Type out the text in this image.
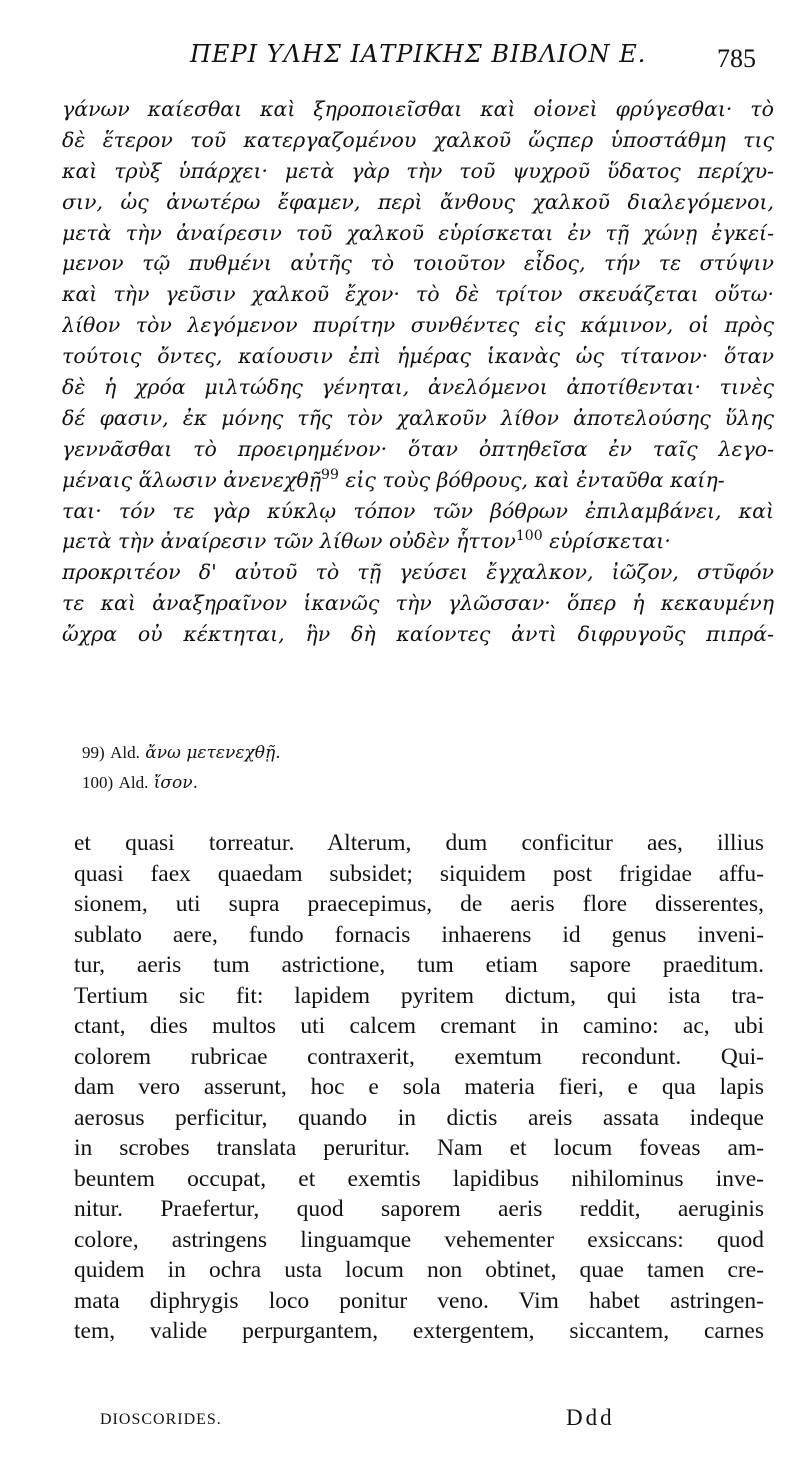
ΠΕΡΙ ΥΛΗΣ ΙΑΤΡΙΚΗΣ ΒΙΒΛΙΟΝ Ε.	785
γάνων καίεσθαι καὶ ξηροποιεῖσθαι καὶ οἱονεὶ φρύγεσθαι· τὸ
δὲ ἕτερον τοῦ κατεργαζομένου χαλκοῦ ὥςπερ ὑποστάθμη τις
καὶ τρὺξ ὑπάρχει· μετὰ γὰρ τὴν τοῦ ψυχροῦ ὕδατος περίχυ-
σιν, ὡς ἀνωτέρω ἔφαμεν, περὶ ἄνθους χαλκοῦ διαλεγόμενοι,
μετὰ τὴν ἀναίρεσιν τοῦ χαλκοῦ εὑρίσκεται ἐν τῇ χώνῃ ἐγκεί-
μενον τῷ πυθμένι αὐτῆς τὸ τοιοῦτον εἶδος, τήν τε στύψιν
καὶ τὴν γεῦσιν χαλκοῦ ἔχον· τὸ δὲ τρίτον σκευάζεται οὕτω·
λίθον τὸν λεγόμενον πυρίτην συνθέντες εἰς κάμινον, οἱ πρὸς
τούτοις ὄντες, καίουσιν ἐπὶ ἡμέρας ἱκανὰς ὡς τίτανον· ὅταν
δὲ ἡ χρόα μιλτώδης γένηται, ἀνελόμενοι ἀποτίθενται· τινὲς
δέ φασιν, ἐκ μόνης τῆς τὸν χαλκοῦν λίθον ἀποτελούσης ὕλης
γεννᾶσθαι τὸ προειρημένον· ὅταν ὀπτηθεῖσα ἐν ταῖς λεγο-
μέναις ἅλωσιν ἀνενεχθῇ$^{99}$ εἰς τοὺς βόθρους, καὶ ἐνταῦθα καίη-
ται· τόν τε γὰρ κύκλῳ τόπον τῶν βόθρων ἐπιλαμβάνει, καὶ
μετὰ τὴν ἀναίρεσιν τῶν λίθων οὐδὲν ἧττον$^{100}$ εὑρίσκεται·
προκριτέον δ' αὐτοῦ τὸ τῇ γεύσει ἔγχαλκον, ἰῶζον, στῦφόν
τε καὶ ἀναξηραῖνον ἱκανῶς τὴν γλῶσσαν· ὅπερ ἡ κεκαυμένη
ὤχρα οὐ κέκτηται, ἣν δὴ καίοντες ἀντὶ διφρυγοῦς πιπρά-
99) Ald. ἄνω μετενεχθῇ.
100) Ald. ἴσον.
et quasi torreatur. Alterum, dum conficitur aes, illius
quasi faex quaedam subsidet; siquidem post frigidae affu-
sionem, uti supra praecepimus, de aeris flore disserentes,
sublato aere, fundo fornacis inhaerens id genus inveni-
tur, aeris tum astrictione, tum etiam sapore praeditum.
Tertium sic fit: lapidem pyritem dictum, qui ista tra-
ctant, dies multos uti calcem cremant in camino: ac, ubi
colorem rubricae contraxerit, exemtum recondunt. Qui-
dam vero asserunt, hoc e sola materia fieri, e qua lapis
aerosus perficitur, quando in dictis areis assata indeque
in scrobes translata peruritur. Nam et locum foveas am-
beuntem occupat, et exemtis lapidibus nihilominus inve-
nitur. Praefertur, quod saporem aeris reddit, aeruginis
colore, astringens linguamque vehementer exsiccans: quod
quidem in ochra usta locum non obtinet, quae tamen cre-
mata diphrygis loco ponitur veno. Vim habet astringen-
tem, valide perpurgantem, extergentem, siccantem, carnes
DIOSCORIDES.	Ddd
